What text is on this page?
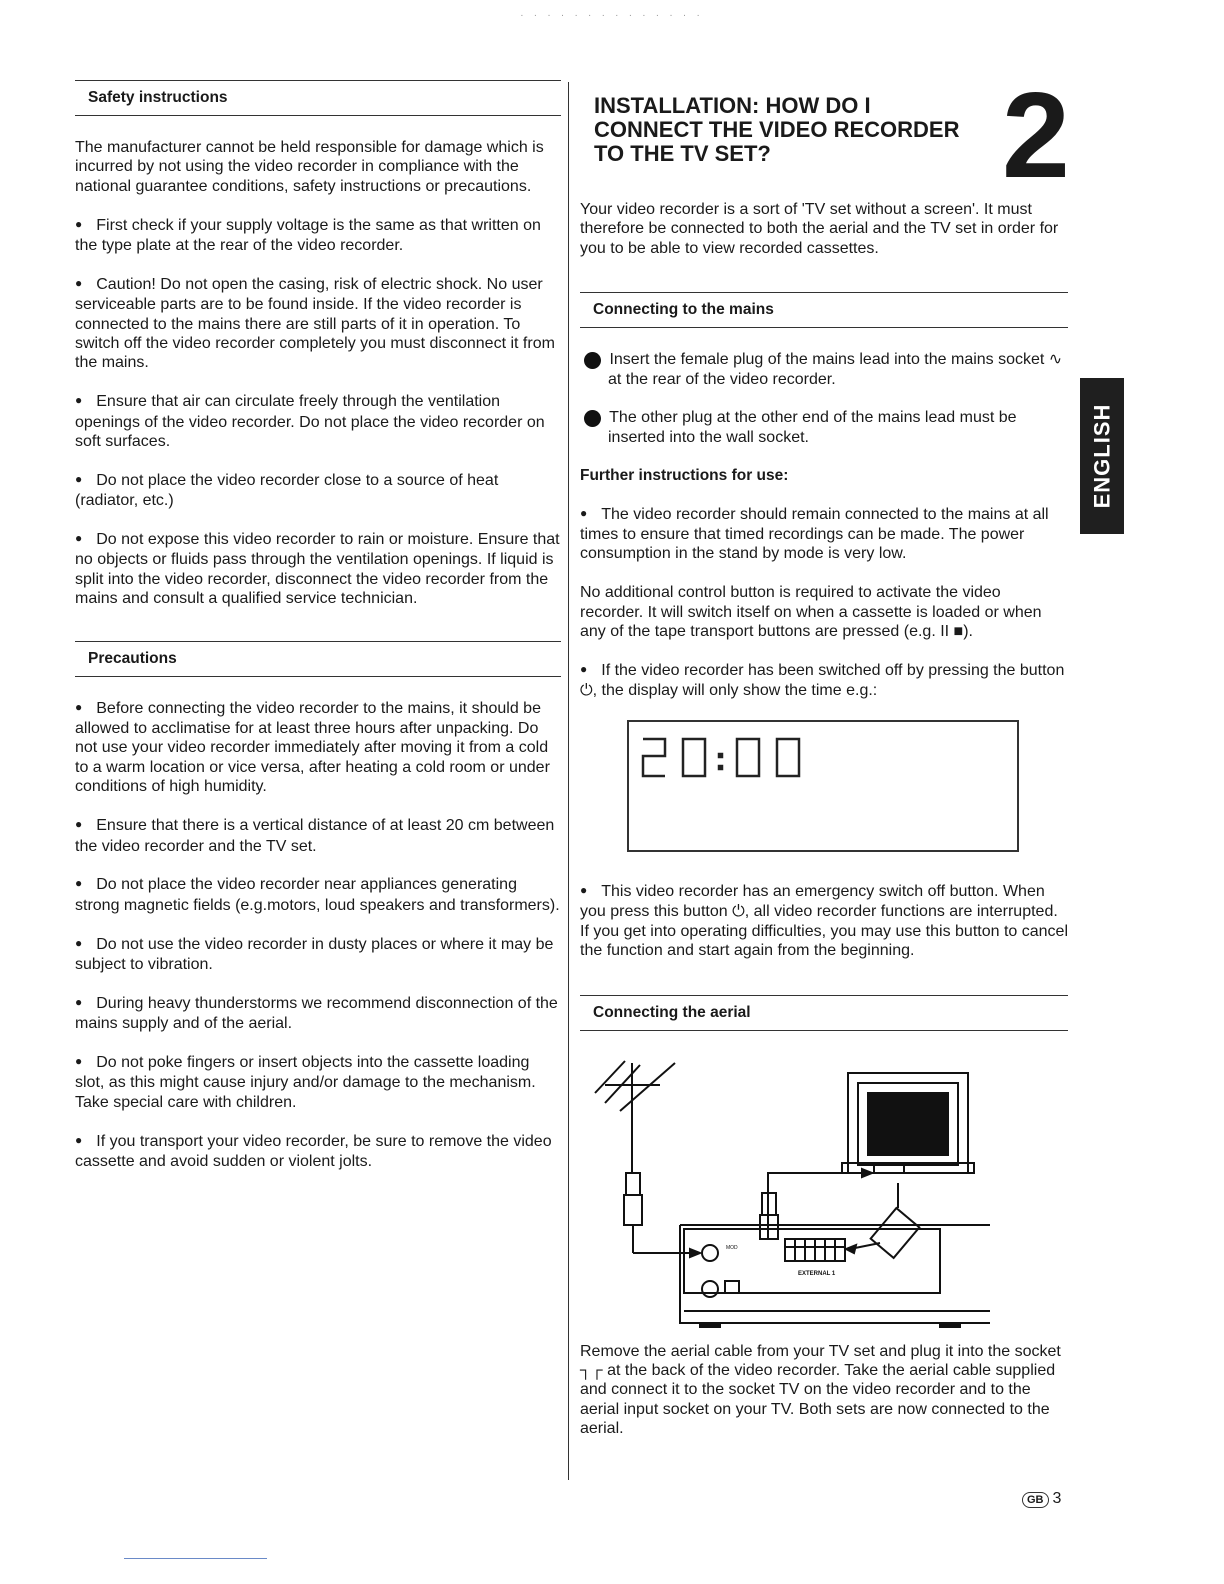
. . . . . . . . . . . . . .
Safety instructions

The manufacturer cannot be held responsible for damage which is incurred by not using the video recorder in compliance with the national guarantee conditions, safety instructions or precautions.

● First check if your supply voltage is the same as that written on the type plate at the rear of the video recorder.

● Caution! Do not open the casing, risk of electric shock. No user serviceable parts are to be found inside. If the video recorder is connected to the mains there are still parts of it in operation. To switch off the video recorder completely you must disconnect it from the mains.

● Ensure that air can circulate freely through the ventilation openings of the video recorder. Do not place the video recorder on soft surfaces.

● Do not place the video recorder close to a source of heat (radiator, etc.)

● Do not expose this video recorder to rain or moisture. Ensure that no objects or fluids pass through the ventilation openings. If liquid is split into the video recorder, disconnect the video recorder from the mains and consult a qualified service technician.

Precautions

● Before connecting the video recorder to the mains, it should be allowed to acclimatise for at least three hours after unpacking. Do not use your video recorder immediately after moving it from a cold to a warm location or vice versa, after heating a cold room or under conditions of high humidity.

● Ensure that there is a vertical distance of at least 20 cm between the video recorder and the TV set.

● Do not place the video recorder near appliances generating strong magnetic fields (e.g.motors, loud speakers and transformers).

● Do not use the video recorder in dusty places or where it may be subject to vibration.

● During heavy thunderstorms we recommend disconnection of the mains supply and of the aerial.

● Do not poke fingers or insert objects into the cassette loading slot, as this might cause injury and/or damage to the mechanism. Take special care with children.

● If you transport your video recorder, be sure to remove the video cassette and avoid sudden or violent jolts.

2
ENGLISH
INSTALLATION: HOW DO I CONNECT THE VIDEO RECORDER TO THE TV SET?

Your video recorder is a sort of 'TV set without a screen'. It must therefore be connected to both the aerial and the TV set in order for you to be able to view recorded cassettes.

Connecting to the mains

1 Insert the female plug of the mains lead into the mains socket ∿ at the rear of the video recorder.

2 The other plug at the other end of the mains lead must be inserted into the wall socket.

Further instructions for use:

● The video recorder should remain connected to the mains at all times to ensure that timed recordings can be made. The power consumption in the stand by mode is very low.

No additional control button is required to activate the video recorder. It will switch itself on when a cassette is loaded or when any of the tape transport buttons are pressed (e.g. II ■).

● If the video recorder has been switched off by pressing the button ⏻, the display will only show the time e.g.:

● This video recorder has an emergency switch off button. When you press this button ⏻, all video recorder functions are interrupted. If you get into operating difficulties, you may use this button to cancel the function and start again from the beginning.

Connecting the aerial
EXTERNAL 1
MOD

Remove the aerial cable from your TV set and plug it into the socket ┐┌ at the back of the video recorder. Take the aerial cable supplied and connect it to the socket TV on the video recorder and to the aerial input socket on your TV. Both sets are now connected to the aerial.

GB 3
